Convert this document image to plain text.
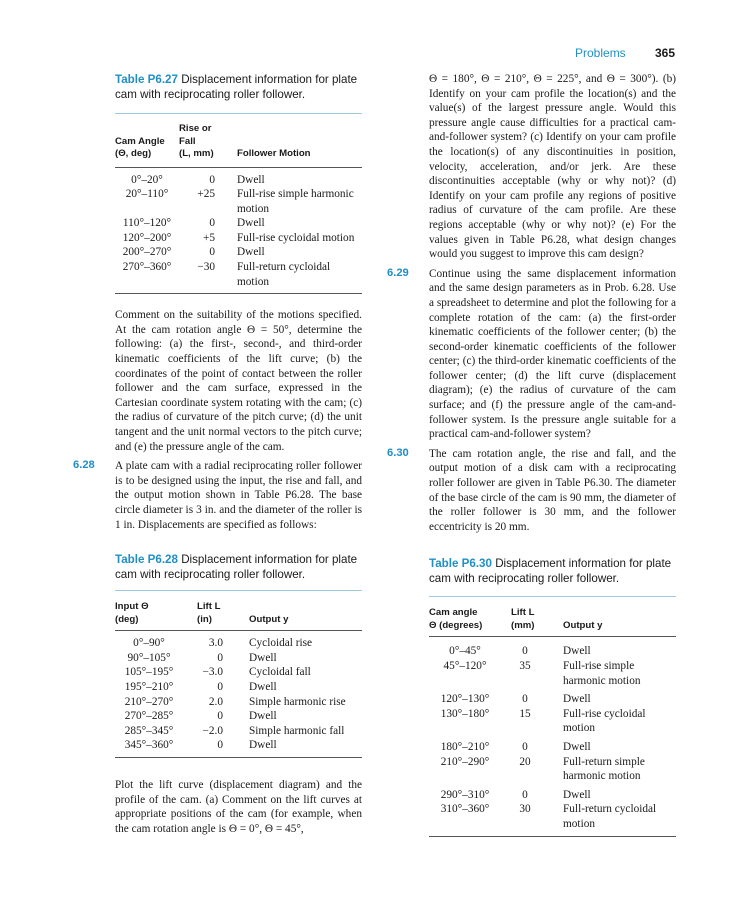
Problems 365

Table P6.27 Displacement information for plate cam with reciprocating roller follower.

Cam Angle
(Θ, deg)	Rise or Fall
(L, mm)		Follower Motion

0°–20°	0		Dwell
20°–110°	+25		Full-rise simple harmonic motion
110°–120°	0		Dwell
120°–200°	+5		Full-rise cycloidal motion
200°–270°	0		Dwell
270°–360°	−30		Full-return cycloidal motion

Comment on the suitability of the motions specified. At the cam rotation angle Θ = 50°, determine the following: (a) the first-, second-, and third-order kinematic coefficients of the lift curve; (b) the coordinates of the point of contact between the roller follower and the cam surface, expressed in the Cartesian coordinate system rotating with the cam; (c) the radius of curvature of the pitch curve; (d) the unit tangent and the unit normal vectors to the pitch curve; and (e) the pressure angle of the cam.

6.28 A plate cam with a radial reciprocating roller follower is to be designed using the input, the rise and fall, and the output motion shown in Table P6.28. The base circle diameter is 3 in. and the diameter of the roller is 1 in. Displacements are specified as follows:

Table P6.28 Displacement information for plate cam with reciprocating roller follower.

Input Θ
(deg)	Lift L
(in)		Output y

0°–90°	3.0		Cycloidal rise
90°–105°	0		Dwell
105°–195°	−3.0		Cycloidal fall
195°–210°	0		Dwell
210°–270°	2.0		Simple harmonic rise
270°–285°	0		Dwell
285°–345°	−2.0		Simple harmonic fall
345°–360°	0		Dwell

Plot the lift curve (displacement diagram) and the profile of the cam. (a) Comment on the lift curves at appropriate positions of the cam (for example, when the cam rotation angle is Θ = 0°, Θ = 45°,

Θ = 180°, Θ = 210°, Θ = 225°, and Θ = 300°). (b) Identify on your cam profile the location(s) and the value(s) of the largest pressure angle. Would this pressure angle cause difficulties for a practical cam-and-follower system? (c) Identify on your cam profile the location(s) of any discontinuities in position, velocity, acceleration, and/or jerk. Are these discontinuities acceptable (why or why not)? (d) Identify on your cam profile any regions of positive radius of curvature of the cam profile. Are these regions acceptable (why or why not)? (e) For the values given in Table P6.28, what design changes would you suggest to improve this cam design?

6.29 Continue using the same displacement information and the same design parameters as in Prob. 6.28. Use a spreadsheet to determine and plot the following for a complete rotation of the cam: (a) the first-order kinematic coefficients of the follower center; (b) the second-order kinematic coefficients of the follower center; (c) the third-order kinematic coefficients of the follower center; (d) the lift curve (displacement diagram); (e) the radius of curvature of the cam surface; and (f) the pressure angle of the cam-and-follower system. Is the pressure angle suitable for a practical cam-and-follower system?

6.30 The cam rotation angle, the rise and fall, and the output motion of a disk cam with a reciprocating roller follower are given in Table P6.30. The diameter of the base circle of the cam is 90 mm, the diameter of the roller follower is 30 mm, and the follower eccentricity is 20 mm.

Table P6.30 Displacement information for plate cam with reciprocating roller follower.

Cam angle
Θ (degrees)	Lift L
(mm)		Output y

0°–45°	0		Dwell
45°–120°	35		Full-rise simple harmonic motion

120°–130°	0		Dwell
130°–180°	15		Full-rise cycloidal motion

180°–210°	0		Dwell
210°–290°	20		Full-return simple harmonic motion

290°–310°	0		Dwell
310°–360°	30		Full-return cycloidal motion
